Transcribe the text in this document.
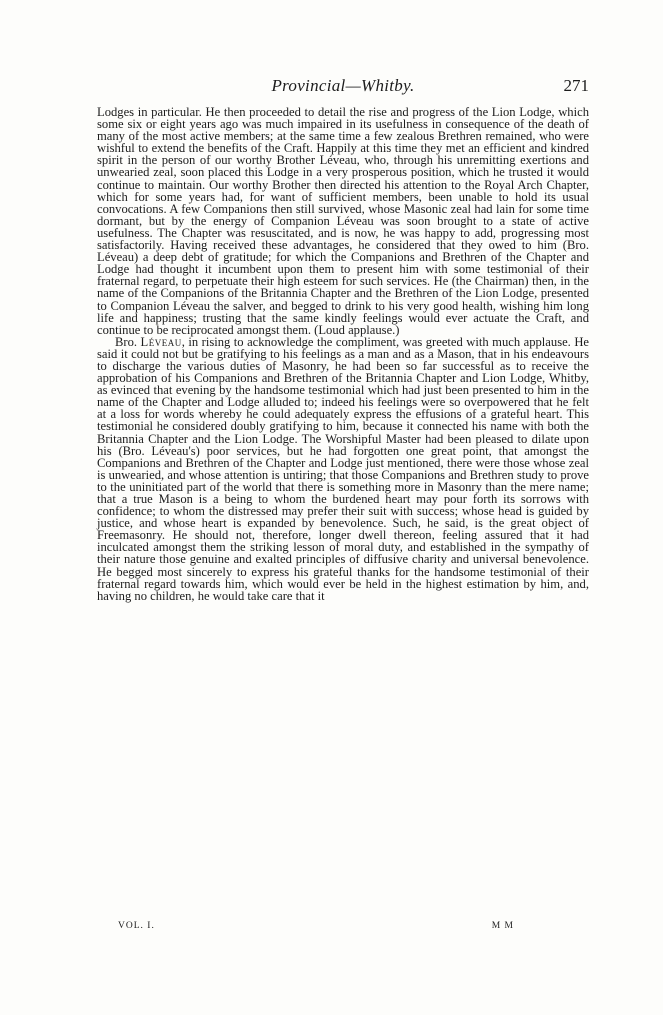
Provincial—Whitby.	271

Lodges in particular. He then proceeded to detail the rise and progress of the Lion Lodge, which some six or eight years ago was much impaired in its usefulness in consequence of the death of many of the most active members; at the same time a few zealous Brethren remained, who were wishful to extend the benefits of the Craft. Happily at this time they met an efficient and kindred spirit in the person of our worthy Brother Léveau, who, through his unremitting exertions and unwearied zeal, soon placed this Lodge in a very prosperous position, which he trusted it would continue to maintain. Our worthy Brother then directed his attention to the Royal Arch Chapter, which for some years had, for want of sufficient members, been unable to hold its usual convocations. A few Companions then still survived, whose Masonic zeal had lain for some time dormant, but by the energy of Companion Léveau was soon brought to a state of active usefulness. The Chapter was resuscitated, and is now, he was happy to add, progressing most satisfactorily. Having received these advantages, he considered that they owed to him (Bro. Léveau) a deep debt of gratitude; for which the Companions and Brethren of the Chapter and Lodge had thought it incumbent upon them to present him with some testimonial of their fraternal regard, to perpetuate their high esteem for such services. He (the Chairman) then, in the name of the Companions of the Britannia Chapter and the Brethren of the Lion Lodge, presented to Companion Léveau the salver, and begged to drink to his very good health, wishing him long life and happiness; trusting that the same kindly feelings would ever actuate the Craft, and continue to be reciprocated amongst them. (Loud applause.)

Bro. Léveau, in rising to acknowledge the compliment, was greeted with much applause. He said it could not but be gratifying to his feelings as a man and as a Mason, that in his endeavours to discharge the various duties of Masonry, he had been so far successful as to receive the approbation of his Companions and Brethren of the Britannia Chapter and Lion Lodge, Whitby, as evinced that evening by the handsome testimonial which had just been presented to him in the name of the Chapter and Lodge alluded to; indeed his feelings were so overpowered that he felt at a loss for words whereby he could adequately express the effusions of a grateful heart. This testimonial he considered doubly gratifying to him, because it connected his name with both the Britannia Chapter and the Lion Lodge. The Worshipful Master had been pleased to dilate upon his (Bro. Léveau's) poor services, but he had forgotten one great point, that amongst the Companions and Brethren of the Chapter and Lodge just mentioned, there were those whose zeal is unwearied, and whose attention is untiring; that those Companions and Brethren study to prove to the uninitiated part of the world that there is something more in Masonry than the mere name; that a true Mason is a being to whom the burdened heart may pour forth its sorrows with confidence; to whom the distressed may prefer their suit with success; whose head is guided by justice, and whose heart is expanded by benevolence. Such, he said, is the great object of Freemasonry. He should not, therefore, longer dwell thereon, feeling assured that it had inculcated amongst them the striking lesson of moral duty, and established in the sympathy of their nature those genuine and exalted principles of diffusive charity and universal benevolence. He begged most sincerely to express his grateful thanks for the handsome testimonial of their fraternal regard towards him, which would ever be held in the highest estimation by him, and, having no children, he would take care that it

VOL. I.	M M
